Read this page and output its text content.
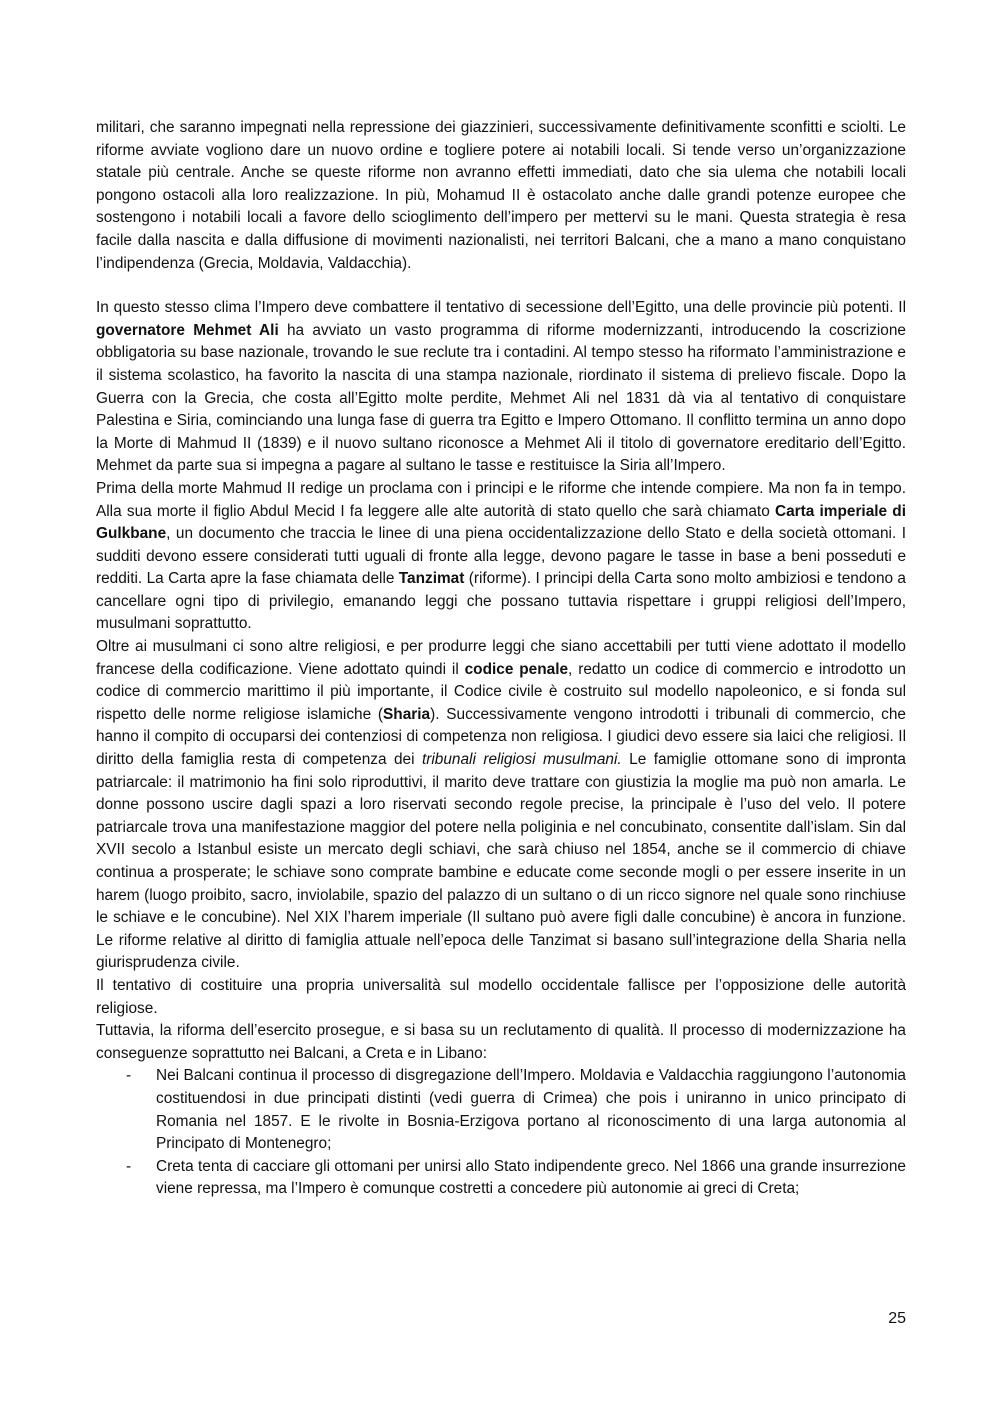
militari, che saranno impegnati nella repressione dei giazzinieri, successivamente definitivamente sconfitti e sciolti. Le riforme avviate vogliono dare un nuovo ordine e togliere potere ai notabili locali. Si tende verso un’organizzazione statale più centrale. Anche se queste riforme non avranno effetti immediati, dato che sia ulema che notabili locali pongono ostacoli alla loro realizzazione. In più, Mohamud II è ostacolato anche dalle grandi potenze europee che sostengono i notabili locali a favore dello scioglimento dell’impero per mettervi su le mani. Questa strategia è resa facile dalla nascita e dalla diffusione di movimenti nazionalisti, nei territori Balcani, che a mano a mano conquistano l’indipendenza (Grecia, Moldavia, Valdacchia).

In questo stesso clima l’Impero deve combattere il tentativo di secessione dell’Egitto, una delle provincie più potenti. Il governatore Mehmet Ali ha avviato un vasto programma di riforme modernizzanti, introducendo la coscrizione obbligatoria su base nazionale, trovando le sue reclute tra i contadini. Al tempo stesso ha riformato l’amministrazione e il sistema scolastico, ha favorito la nascita di una stampa nazionale, riordinato il sistema di prelievo fiscale. Dopo la Guerra con la Grecia, che costa all’Egitto molte perdite, Mehmet Ali nel 1831 dà via al tentativo di conquistare Palestina e Siria, cominciando una lunga fase di guerra tra Egitto e Impero Ottomano. Il conflitto termina un anno dopo la Morte di Mahmud II (1839) e il nuovo sultano riconosce a Mehmet Ali il titolo di governatore ereditario dell’Egitto. Mehmet da parte sua si impegna a pagare al sultano le tasse e restituisce la Siria all’Impero.

Prima della morte Mahmud II redige un proclama con i principi e le riforme che intende compiere. Ma non fa in tempo. Alla sua morte il figlio Abdul Mecid I fa leggere alle alte autorità di stato quello che sarà chiamato Carta imperiale di Gulkbane, un documento che traccia le linee di una piena occidentalizzazione dello Stato e della società ottomani. I sudditi devono essere considerati tutti uguali di fronte alla legge, devono pagare le tasse in base a beni posseduti e redditi. La Carta apre la fase chiamata delle Tanzimat (riforme). I principi della Carta sono molto ambiziosi e tendono a cancellare ogni tipo di privilegio, emanando leggi che possano tuttavia rispettare i gruppi religiosi dell’Impero, musulmani soprattutto.

Oltre ai musulmani ci sono altre religiosi, e per produrre leggi che siano accettabili per tutti viene adottato il modello francese della codificazione. Viene adottato quindi il codice penale, redatto un codice di commercio e introdotto un codice di commercio marittimo il più importante, il Codice civile è costruito sul modello napoleonico, e si fonda sul rispetto delle norme religiose islamiche (Sharia). Successivamente vengono introdotti i tribunali di commercio, che hanno il compito di occuparsi dei contenziosi di competenza non religiosa. I giudici devo essere sia laici che religiosi. Il diritto della famiglia resta di competenza dei tribunali religiosi musulmani. Le famiglie ottomane sono di impronta patriarcale: il matrimonio ha fini solo riproduttivi, il marito deve trattare con giustizia la moglie ma può non amarla. Le donne possono uscire dagli spazi a loro riservati secondo regole precise, la principale è l’uso del velo. Il potere patriarcale trova una manifestazione maggior del potere nella poliginia e nel concubinato, consentite dall’islam. Sin dal XVII secolo a Istanbul esiste un mercato degli schiavi, che sarà chiuso nel 1854, anche se il commercio di chiave continua a prosperate; le schiave sono comprate bambine e educate come seconde mogli o per essere inserite in un harem (luogo proibito, sacro, inviolabile, spazio del palazzo di un sultano o di un ricco signore nel quale sono rinchiuse le schiave e le concubine). Nel XIX l’harem imperiale (Il sultano può avere figli dalle concubine) è ancora in funzione. Le riforme relative al diritto di famiglia attuale nell’epoca delle Tanzimat si basano sull’integrazione della Sharia nella giurisprudenza civile.

Il tentativo di costituire una propria universalità sul modello occidentale fallisce per l’opposizione delle autorità religiose.

Tuttavia, la riforma dell’esercito prosegue, e si basa su un reclutamento di qualità. Il processo di modernizzazione ha conseguenze soprattutto nei Balcani, a Creta e in Libano:

- Nei Balcani continua il processo di disgregazione dell’Impero. Moldavia e Valdacchia raggiungono l’autonomia costituendosi in due principati distinti (vedi guerra di Crimea) che pois i uniranno in unico principato di Romania nel 1857. E le rivolte in Bosnia-Erzigova portano al riconoscimento di una larga autonomia al Principato di Montenegro;
- Creta tenta di cacciare gli ottomani per unirsi allo Stato indipendente greco. Nel 1866 una grande insurrezione viene repressa, ma l’Impero è comunque costretti a concedere più autonomie ai greci di Creta;
25
